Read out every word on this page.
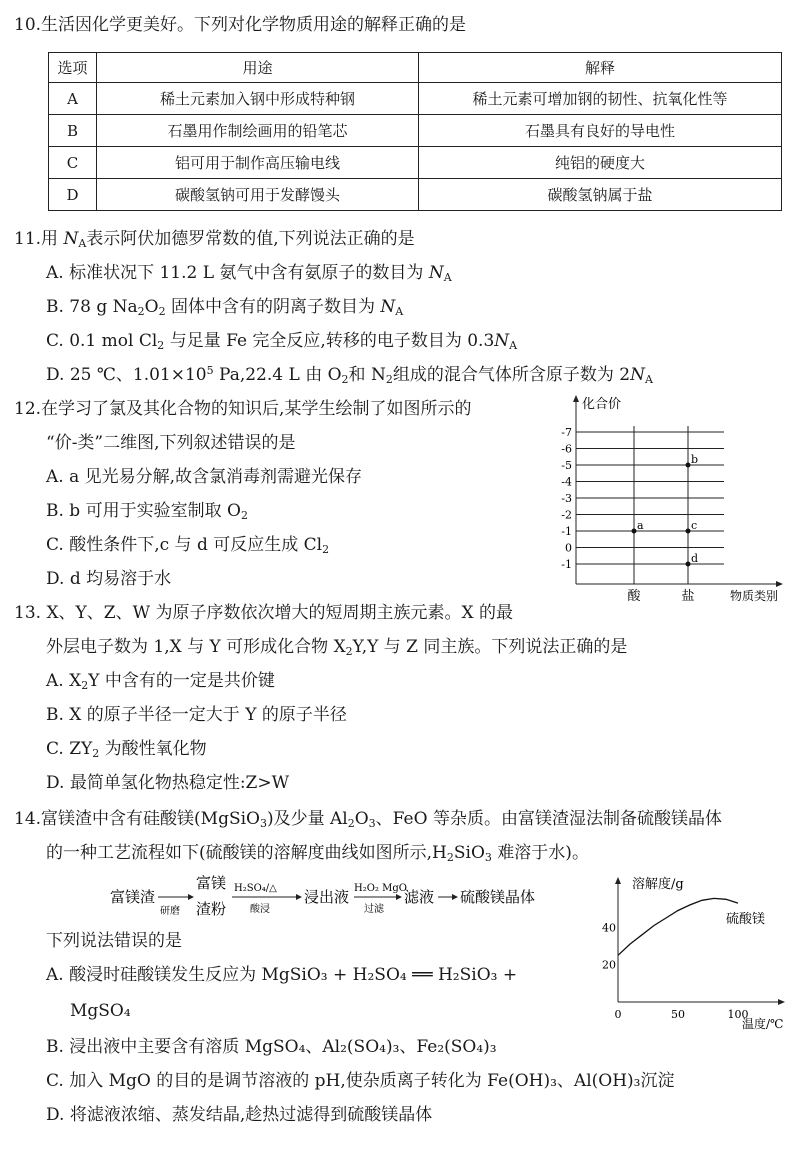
10.生活因化学更美好。下列对化学物质用途的解释正确的是
选项	用途	解释
A	稀土元素加入钢中形成特种钢	稀土元素可增加钢的韧性、抗氧化性等
B	石墨用作制绘画用的铅笔芯	石墨具有良好的导电性
C	铝可用于制作高压输电线	纯铝的硬度大
D	碳酸氢钠可用于发酵馒头	碳酸氢钠属于盐
11.用 $N_A$表示阿伏加德罗常数的值,下列说法正确的是
A. 标准状况下 11.2 L 氨气中含有氨原子的数目为 $N_A$
B. 78 g $Na_2O_2$ 固体中含有的阴离子数目为 $N_A$
C. 0.1 mol $Cl_2$ 与足量 Fe 完全反应,转移的电子数目为 $0.3N_A$
D. 25 ℃、$1.01\times 10^5$ Pa,22.4 L 由 $O_2$和 $N_2$组成的混合气体所含原子数为 $2N_A$
12.在学习了氯及其化合物的知识后,某学生绘制了如图所示的
“价-类”二维图,下列叙述错误的是
A. a 见光易分解,故含氯消毒剂需避光保存
B. b 可用于实验室制取 $O_2$
C. 酸性条件下,c 与 d 可反应生成 $Cl_2$
D. d 均易溶于水
化合价
-7
-6
-5
-4
-3
-2
-1
0
-1
酸	盐	物质类别
a
b
c
d
13. X、Y、Z、W 为原子序数依次增大的短周期主族元素。X 的最
外层电子数为 1,X 与 Y 可形成化合物 $X_2Y,Y$ 与 Z 同主族。下列说法正确的是
A. $X_2Y$ 中含有的一定是共价键
B. X 的原子半径一定大于 Y 的原子半径
C. $ZY_2$ 为酸性氧化物
D. 最简单氢化物热稳定性:Z>W
14.富镁渣中含有硅酸镁(MgSiO$_3$)及少量 $Al_2O_3$、FeO 等杂质。由富镁渣湿法制备硫酸镁晶体
的一种工艺流程如下(硫酸镁的溶解度曲线如图所示$,H_2SiO_3$ 难溶于水)。
富镁渣
研磨
富镁
渣粉
H₂SO₄/△
酸浸
浸出液 H₂O₂ MgO
过滤
滤液 硫酸镁晶体
下列说法错误的是
A. 酸浸时硅酸镁发生反应为 MgSiO₃ + H₂SO₄ ══ H₂SiO₃ +
MgSO₄
B. 浸出液中主要含有溶质 MgSO₄、Al₂(SO₄)₃、Fe₂(SO₄)₃
C. 加入 MgO 的目的是调节溶液的 pH,使杂质离子转化为 Fe(OH)₃、Al(OH)₃沉淀
D. 将滤液浓缩、蒸发结晶,趁热过滤得到硫酸镁晶体
溶解度/g
温度/℃
20
40
0	50	100
硫酸镁
